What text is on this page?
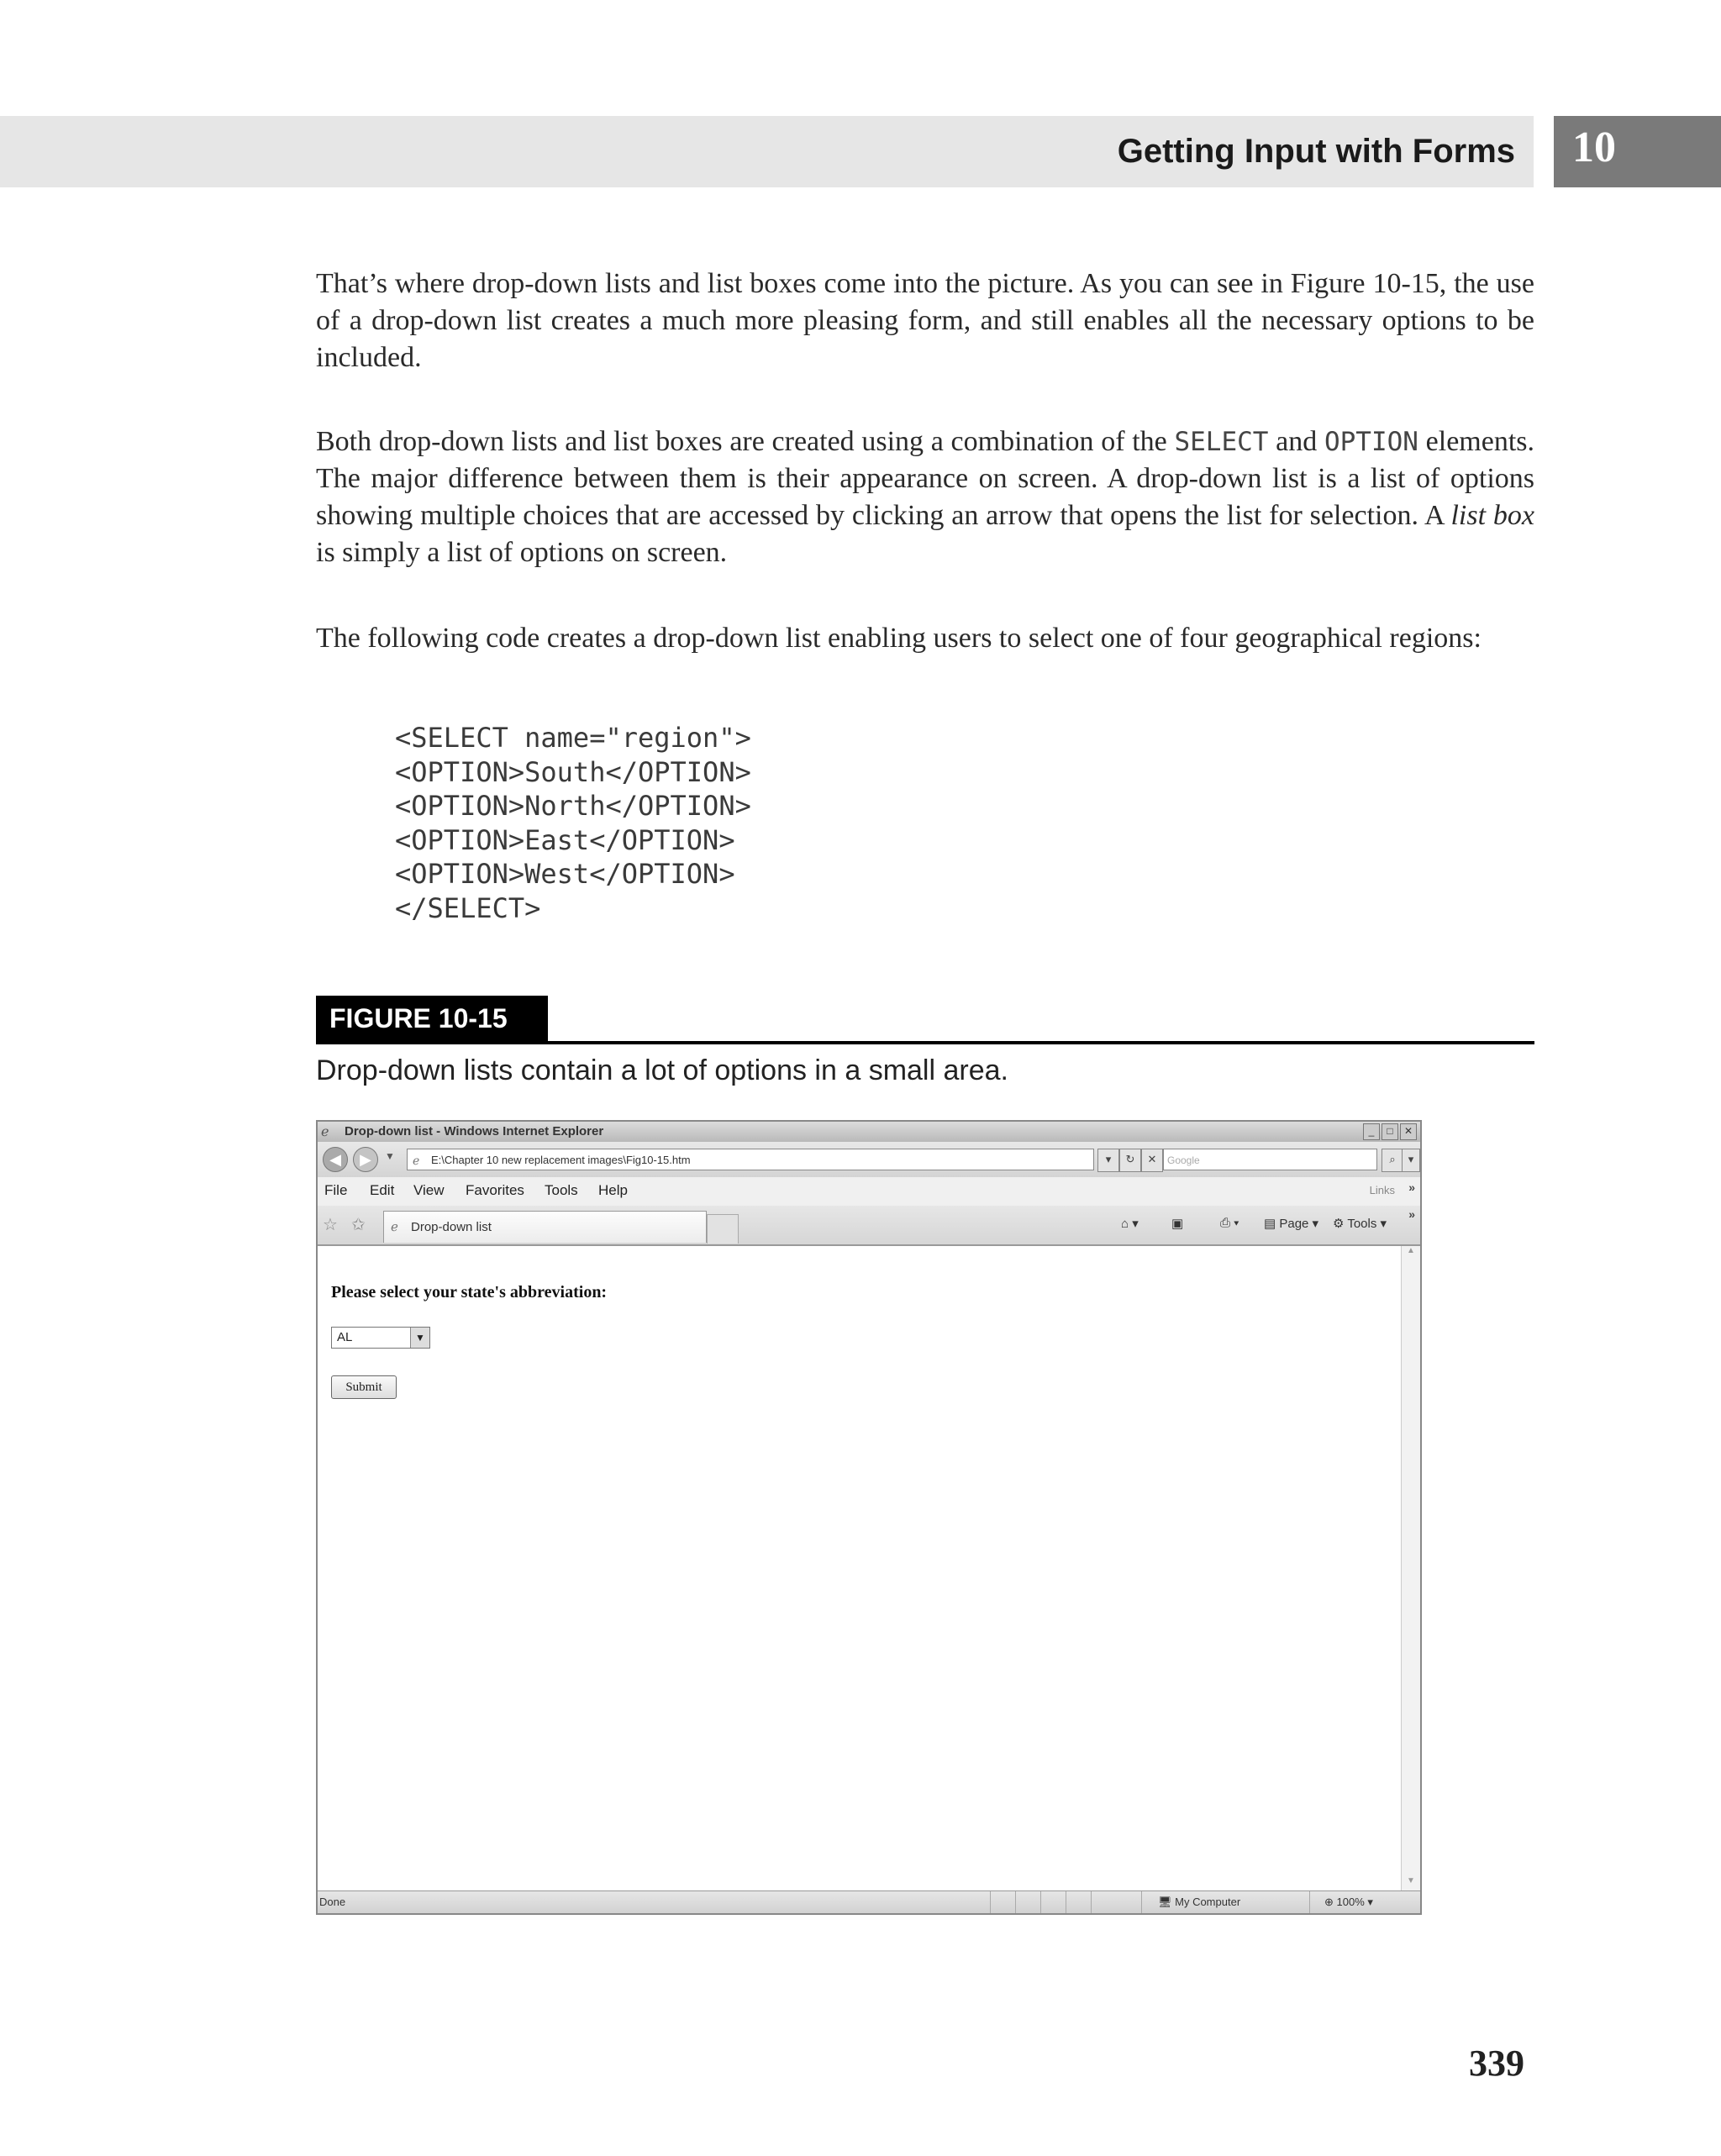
Getting Input with Forms 10
That’s where drop-down lists and list boxes come into the picture. As you can see in Figure 10-15, the use of a drop-down list creates a much more pleasing form, and still enables all the necessary options to be included.
Both drop-down lists and list boxes are created using a combination of the SELECT and OPTION elements. The major difference between them is their appearance on screen. A drop-down list is a list of options showing multiple choices that are accessed by clicking an arrow that opens the list for selection. A list box is simply a list of options on screen.
The following code creates a drop-down list enabling users to select one of four geographical regions:
<SELECT name="region">
<OPTION>South</OPTION>
<OPTION>North</OPTION>
<OPTION>East</OPTION>
<OPTION>West</OPTION>
</SELECT>
FIGURE 10-15
Drop-down lists contain a lot of options in a small area.
ℯ Drop-down list - Windows Internet Explorer	_	□	✕
◀	▶	▼ ℯ E:\Chapter 10 new replacement images\Fig10-15.htm	▾	↻	✕	Google	⌕	▾
File Edit View Favorites Tools Help	Links »
☆ ✩ ℯ Drop-down list	⌂ ▾	▣	⎙ ▾ ▤ Page ▾ ⚙ Tools ▾
»
Please select your state's abbreviation:
AL	▼
Submit
▲
▼
Done	🖥 My Computer	⊕ 100% ▾
339
